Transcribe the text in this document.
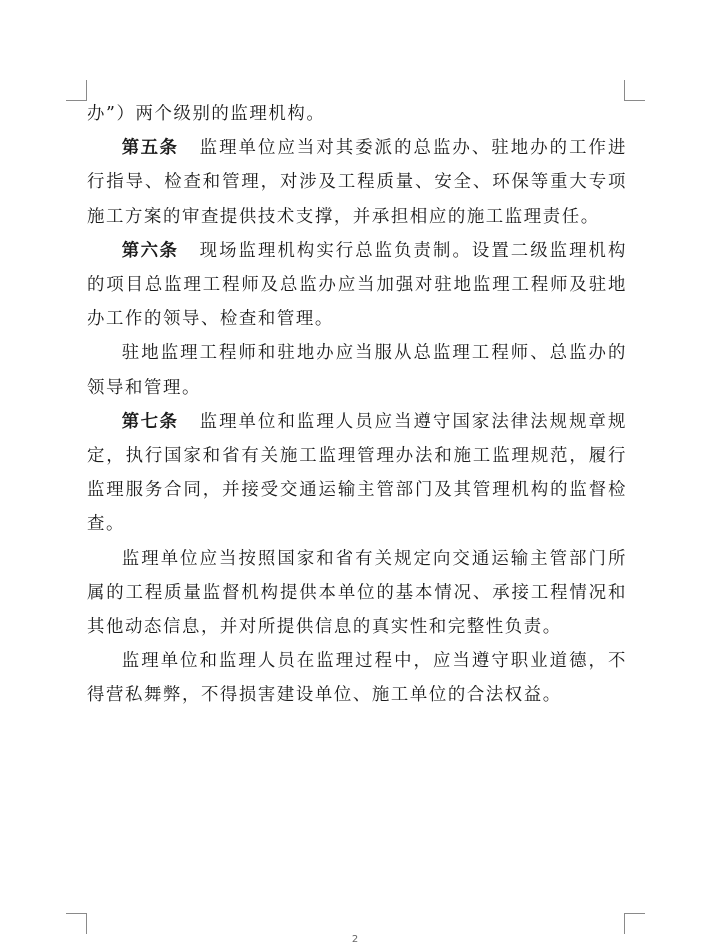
办”）两个级别的监理机构。

第五条 监理单位应当对其委派的总监办、驻地办的工作进行指导、检查和管理，对涉及工程质量、安全、环保等重大专项施工方案的审查提供技术支撑，并承担相应的施工监理责任。

第六条 现场监理机构实行总监负责制。设置二级监理机构的项目总监理工程师及总监办应当加强对驻地监理工程师及驻地办工作的领导、检查和管理。

驻地监理工程师和驻地办应当服从总监理工程师、总监办的领导和管理。

第七条 监理单位和监理人员应当遵守国家法律法规规章规定，执行国家和省有关施工监理管理办法和施工监理规范，履行监理服务合同，并接受交通运输主管部门及其管理机构的监督检查。

监理单位应当按照国家和省有关规定向交通运输主管部门所属的工程质量监督机构提供本单位的基本情况、承接工程情况和其他动态信息，并对所提供信息的真实性和完整性负责。

监理单位和监理人员在监理过程中，应当遵守职业道德，不得营私舞弊，不得损害建设单位、施工单位的合法权益。

2
